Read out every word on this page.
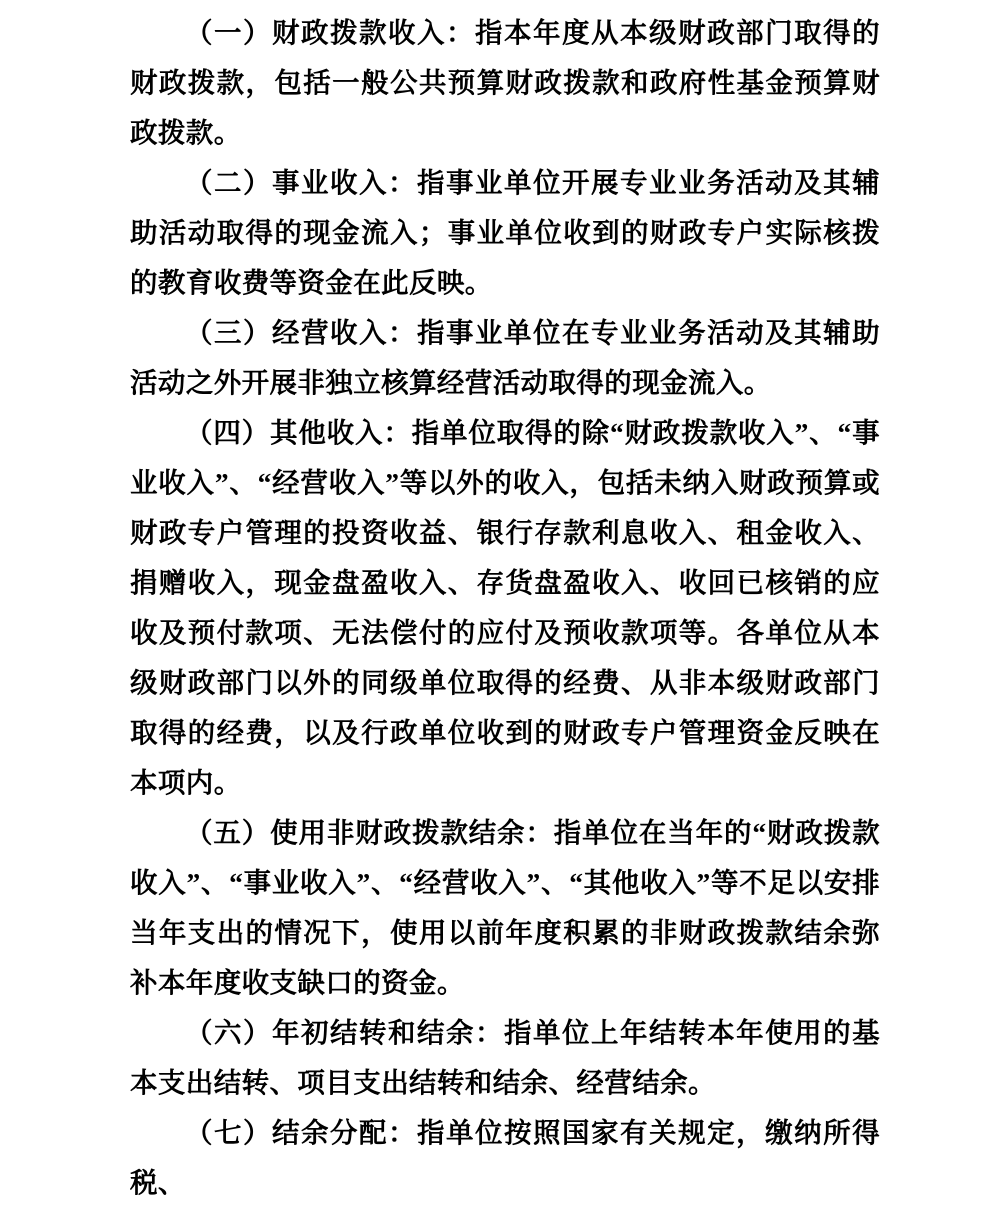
（一）财政拨款收入：指本年度从本级财政部门取得的财政拨款，包括一般公共预算财政拨款和政府性基金预算财政拨款。

（二）事业收入：指事业单位开展专业业务活动及其辅助活动取得的现金流入；事业单位收到的财政专户实际核拨的教育收费等资金在此反映。

（三）经营收入：指事业单位在专业业务活动及其辅助活动之外开展非独立核算经营活动取得的现金流入。

（四）其他收入：指单位取得的除“财政拨款收入”、“事业收入”、“经营收入”等以外的收入，包括未纳入财政预算或财政专户管理的投资收益、银行存款利息收入、租金收入、捐赠收入，现金盘盈收入、存货盘盈收入、收回已核销的应收及预付款项、无法偿付的应付及预收款项等。各单位从本级财政部门以外的同级单位取得的经费、从非本级财政部门取得的经费，以及行政单位收到的财政专户管理资金反映在本项内。

（五）使用非财政拨款结余：指单位在当年的“财政拨款收入”、“事业收入”、“经营收入”、“其他收入”等不足以安排当年支出的情况下，使用以前年度积累的非财政拨款结余弥补本年度收支缺口的资金。

（六）年初结转和结余：指单位上年结转本年使用的基本支出结转、项目支出结转和结余、经营结余。

（七）结余分配：指单位按照国家有关规定，缴纳所得税、
